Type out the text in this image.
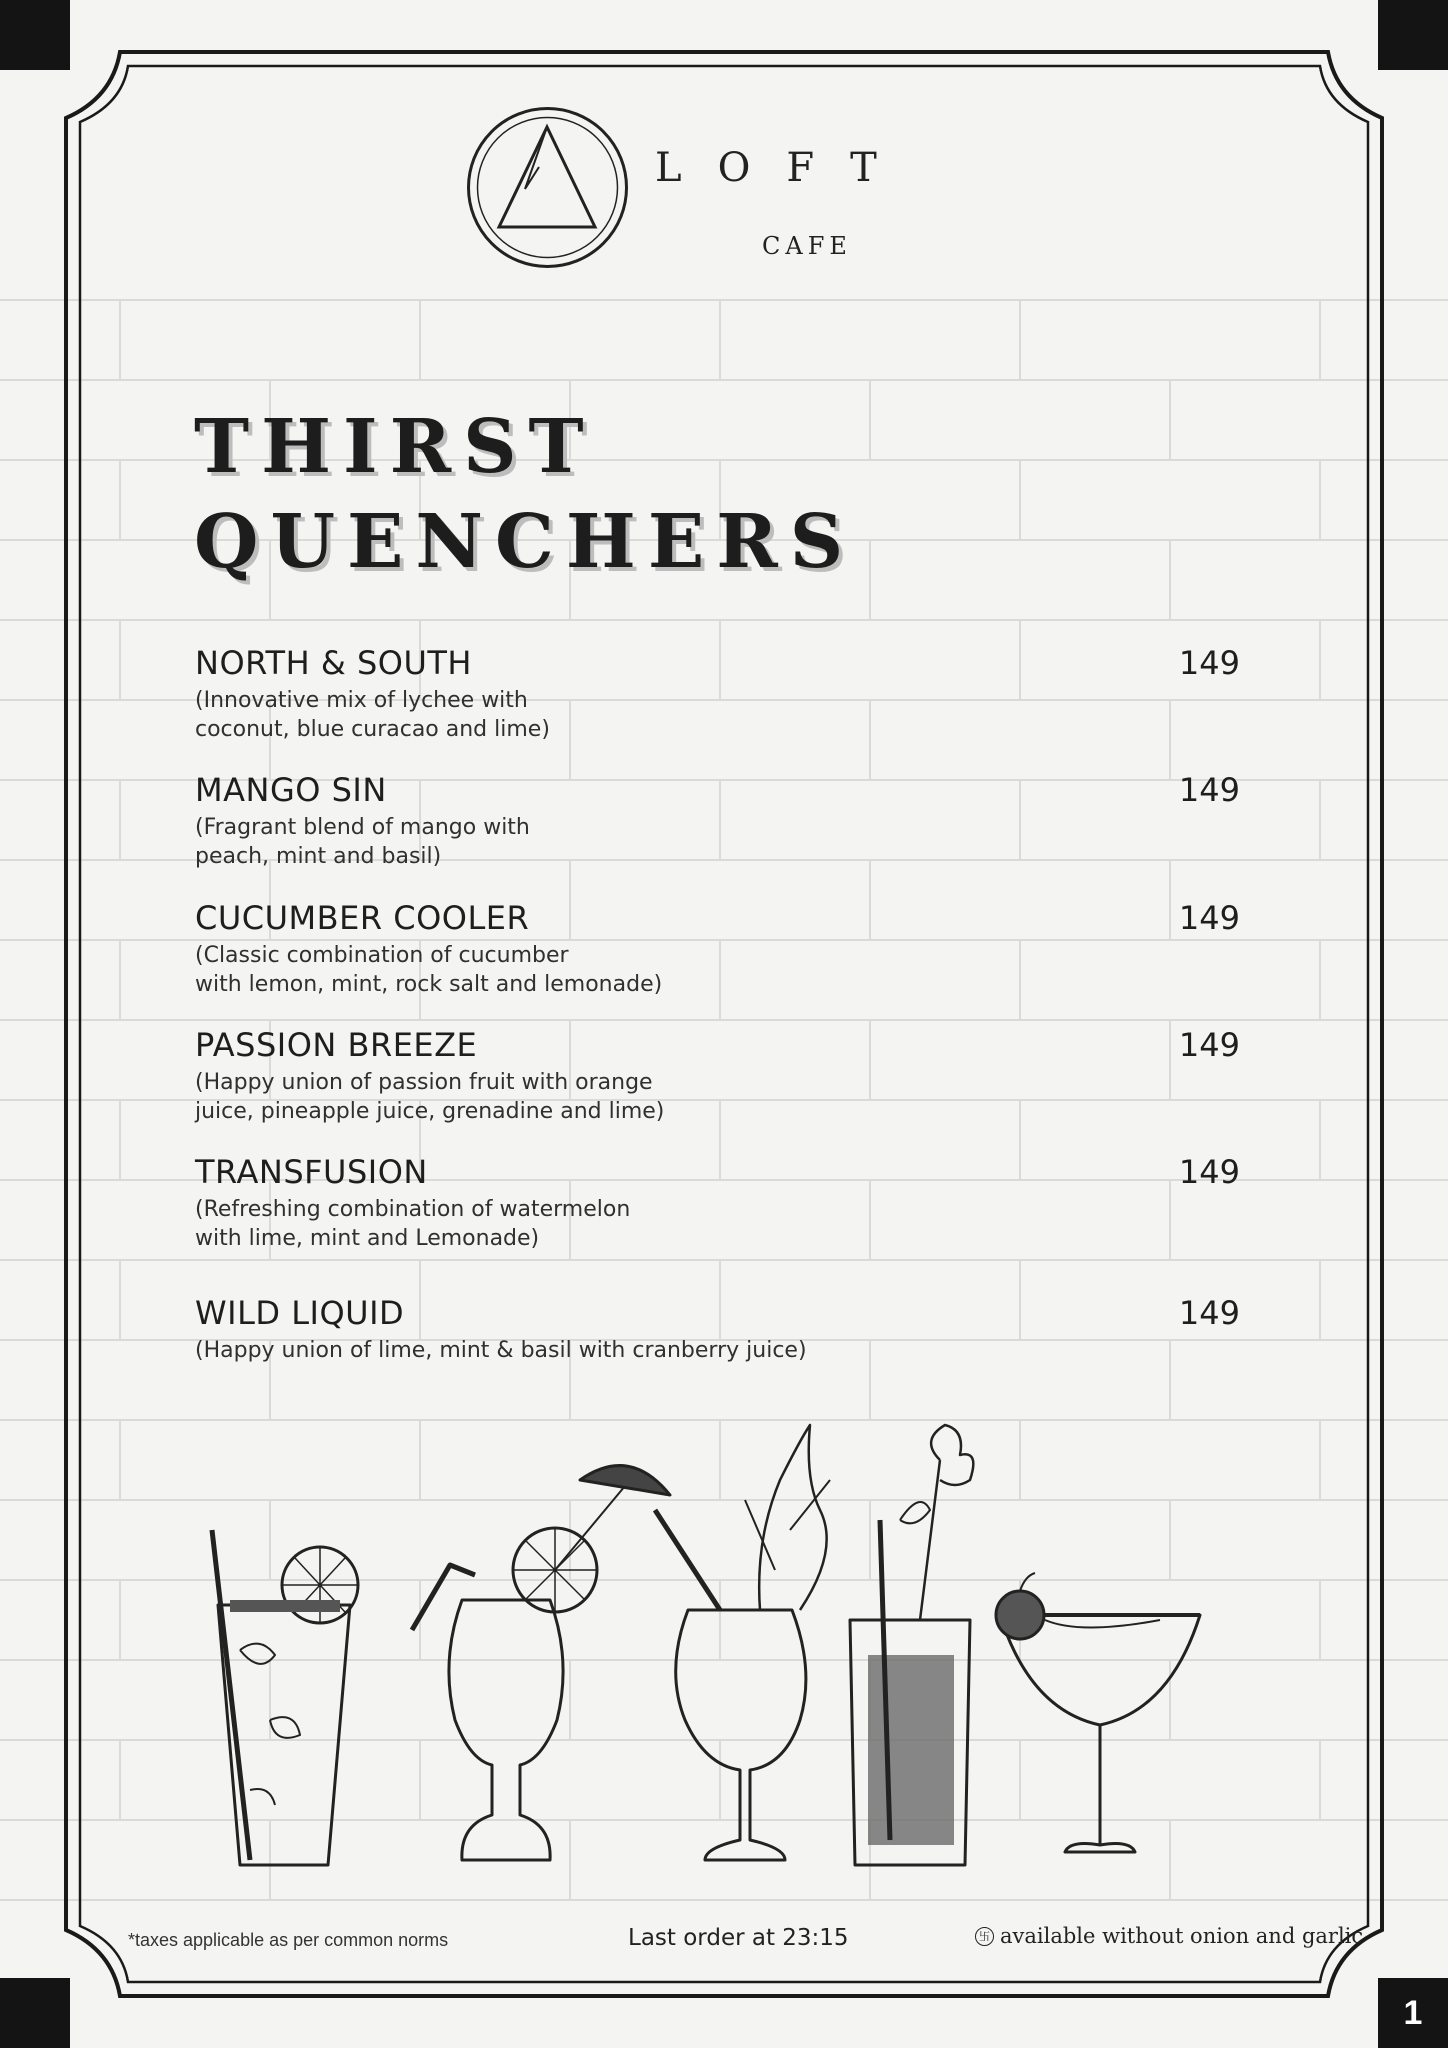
1
LOFT
CAFE
THIRST
QUENCHERS
NORTH & SOUTH	149
(Innovative mix of lychee with
coconut, blue curacao and lime)
MANGO SIN	149
(Fragrant blend of mango with
peach, mint and basil)
CUCUMBER COOLER	149
(Classic combination of cucumber
with lemon, mint, rock salt and lemonade)
PASSION BREEZE	149
(Happy union of passion fruit with orange
juice, pineapple juice, grenadine and lime)
TRANSFUSION	149
(Refreshing combination of watermelon
with lime, mint and Lemonade)
WILD LIQUID	149
(Happy union of lime, mint & basil with cranberry juice)
*taxes applicable as per common norms	Last order at 23:15	卐 available without onion and garlic
